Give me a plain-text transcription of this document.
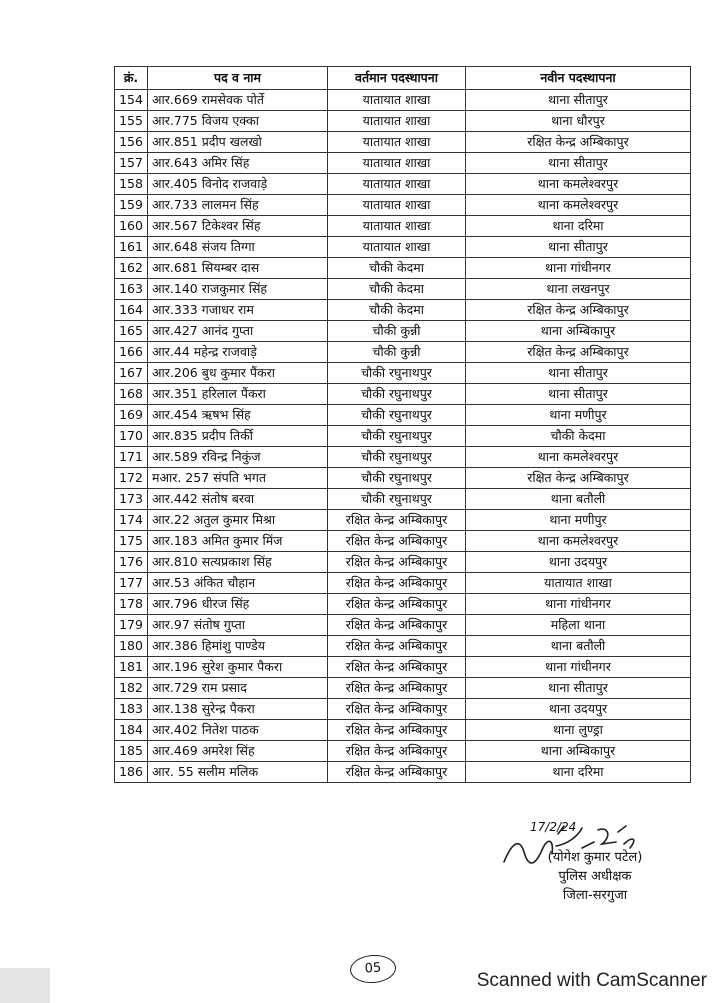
क्रं.	पद व नाम	वर्तमान पदस्थापना	नवीन पदस्थापना
154	आर.669 रामसेवक पोर्ते	यातायात शाखा	थाना सीतापुर
155	आर.775 विजय एक्का	यातायात शाखा	थाना धौरपुर
156	आर.851 प्रदीप खलखो	यातायात शाखा	रक्षित केन्द्र अम्बिकापुर
157	आर.643 अमिर सिंह	यातायात शाखा	थाना सीतापुर
158	आर.405 विनोद राजवाड़े	यातायात शाखा	थाना कमलेश्वरपुर
159	आर.733 लालमन सिंह	यातायात शाखा	थाना कमलेश्वरपुर
160	आर.567 टिकेश्वर सिंह	यातायात शाखा	थाना दरिमा
161	आर.648 संजय तिग्गा	यातायात शाखा	थाना सीतापुर
162	आर.681 सियम्बर दास	चौकी केदमा	थाना गांधीनगर
163	आर.140 राजकुमार सिंह	चौकी केदमा	थाना लखनपुर
164	आर.333 गजाधर राम	चौकी केदमा	रक्षित केन्द्र अम्बिकापुर
165	आर.427 आनंद गुप्ता	चौकी कुन्नी	थाना अम्बिकापुर
166	आर.44 महेन्द्र राजवाड़े	चौकी कुन्नी	रक्षित केन्द्र अम्बिकापुर
167	आर.206 बुध कुमार पैंकरा	चौकी रघुनाथपुर	थाना सीतापुर
168	आर.351 हरिलाल पैंकरा	चौकी रघुनाथपुर	थाना सीतापुर
169	आर.454 ऋषभ सिंह	चौकी रघुनाथपुर	थाना मणीपुर
170	आर.835 प्रदीप तिर्की	चौकी रघुनाथपुर	चौकी केदमा
171	आर.589 रविन्द्र निकुंज	चौकी रघुनाथपुर	थाना कमलेश्वरपुर
172	मआर. 257 संपति भगत	चौकी रघुनाथपुर	रक्षित केन्द्र अम्बिकापुर
173	आर.442 संतोष बरवा	चौकी रघुनाथपुर	थाना बतौली
174	आर.22 अतुल कुमार मिश्रा	रक्षित केन्द्र अम्बिकापुर	थाना मणीपुर
175	आर.183 अमित कुमार मिंज	रक्षित केन्द्र अम्बिकापुर	थाना कमलेश्वरपुर
176	आर.810 सत्यप्रकाश सिंह	रक्षित केन्द्र अम्बिकापुर	थाना उदयपुर
177	आर.53 अंकित चौहान	रक्षित केन्द्र अम्बिकापुर	यातायात शाखा
178	आर.796 धीरज सिंह	रक्षित केन्द्र अम्बिकापुर	थाना गांधीनगर
179	आर.97 संतोष गुप्ता	रक्षित केन्द्र अम्बिकापुर	महिला थाना
180	आर.386 हिमांशु पाण्डेय	रक्षित केन्द्र अम्बिकापुर	थाना बतौली
181	आर.196 सुरेश कुमार पैकरा	रक्षित केन्द्र अम्बिकापुर	थाना गांधीनगर
182	आर.729 राम प्रसाद	रक्षित केन्द्र अम्बिकापुर	थाना सीतापुर
183	आर.138 सुरेन्द्र पैकरा	रक्षित केन्द्र अम्बिकापुर	थाना उदयपुर
184	आर.402 नितेश पाठक	रक्षित केन्द्र अम्बिकापुर	थाना लुण्ड्रा
185	आर.469 अमरेश सिंह	रक्षित केन्द्र अम्बिकापुर	थाना अम्बिकापुर
186	आर. 55 सलीम मलिक	रक्षित केन्द्र अम्बिकापुर	थाना दरिमा
17/2/24
(योगेश कुमार पटेल)
पुलिस अधीक्षक
जिला-सरगुजा
05
Scanned with CamScanner
